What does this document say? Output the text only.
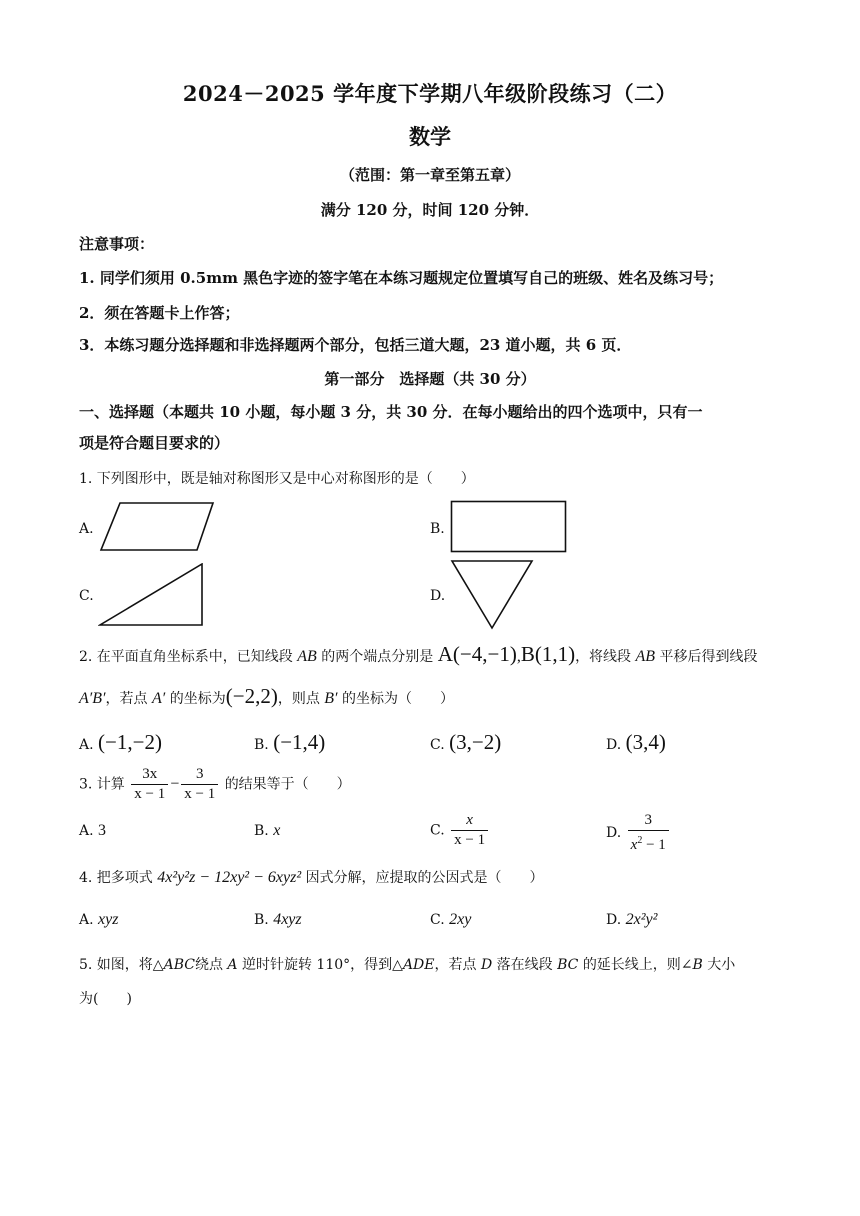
2024－2025 学年度下学期八年级阶段练习（二）
数学
（范围：第一章至第五章）
满分 120 分，时间 120 分钟．
注意事项：
1. 同学们须用 0.5mm 黑色字迹的签字笔在本练习题规定位置填写自己的班级、姓名及练习号；
2．须在答题卡上作答；
3．本练习题分选择题和非选择题两个部分，包括三道大题，23 道小题，共 6 页．
第一部分　选择题（共 30 分）
一、选择题（本题共 10 小题，每小题 3 分，共 30 分．在每小题给出的四个选项中，只有一
项是符合题目要求的）
1. 下列图形中，既是轴对称图形又是中心对称图形的是（　　）
A.	B.
C.	D.
2. 在平面直角坐标系中，已知线段 AB 的两个端点分别是 A(−4,−1),B(1,1)，将线段 AB 平移后得到线段
A′B′，若点 A′ 的坐标为(−2,2)，则点 B′ 的坐标为（　　）
A. (−1,−2)	B. (−1,4)	C. (3,−2)	D. (3,4)
3. 计算 $\frac{3x}{x - 1} - \frac{3}{x - 1}$ 的结果等于（　　）
A. 3	B. x	C. $\frac{x}{x - 1}$	D. $\frac{3}{x^2 - 1}$
4. 把多项式 4x²y²z − 12xy² − 6xyz² 因式分解，应提取的公因式是（　　）
A. xyz	B. 4xyz	C. 2xy	D. 2x²y²
5. 如图，将△ABC绕点 A 逆时针旋转 110°，得到△ADE，若点 D 落在线段 BC 的延长线上，则∠B 大小
为(　　)
